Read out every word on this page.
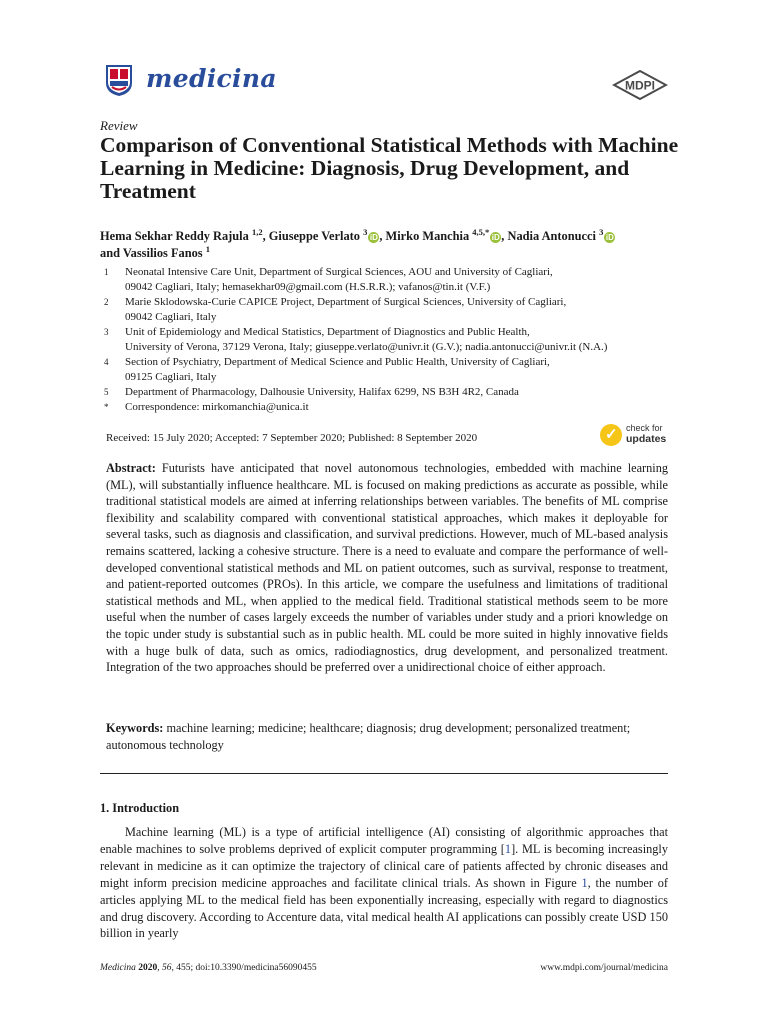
medicina	MDPI
Review
Comparison of Conventional Statistical Methods with Machine Learning in Medicine: Diagnosis, Drug Development, and Treatment
Hema Sekhar Reddy Rajula $^{1,2}$, Giuseppe Verlato $^3$iD , Mirko Manchia $^{4,5,*}$iD , Nadia Antonucci $^3$iD
and Vassilios Fanos $^1$
1	Neonatal Intensive Care Unit, Department of Surgical Sciences, AOU and University of Cagliari,
09042 Cagliari, Italy; hemasekhar09@gmail.com (H.S.R.R.); vafanos@tin.it (V.F.)
2	Marie Sklodowska-Curie CAPICE Project, Department of Surgical Sciences, University of Cagliari,
09042 Cagliari, Italy
3	Unit of Epidemiology and Medical Statistics, Department of Diagnostics and Public Health,
University of Verona, 37129 Verona, Italy; giuseppe.verlato@univr.it (G.V.); nadia.antonucci@univr.it (N.A.)
4	Section of Psychiatry, Department of Medical Science and Public Health, University of Cagliari,
09125 Cagliari, Italy
5	Department of Pharmacology, Dalhousie University, Halifax 6299, NS B3H 4R2, Canada
*	Correspondence: mirkomanchia@unica.it
Received: 15 July 2020; Accepted: 7 September 2020; Published: 8 September 2020	✓ check for
updates
Abstract: Futurists have anticipated that novel autonomous technologies, embedded with machine learning (ML), will substantially influence healthcare. ML is focused on making predictions as accurate as possible, while traditional statistical models are aimed at inferring relationships between variables. The benefits of ML comprise flexibility and scalability compared with conventional statistical approaches, which makes it deployable for several tasks, such as diagnosis and classification, and survival predictions. However, much of ML-based analysis remains scattered, lacking a cohesive structure. There is a need to evaluate and compare the performance of well-developed conventional statistical methods and ML on patient outcomes, such as survival, response to treatment, and patient-reported outcomes (PROs). In this article, we compare the usefulness and limitations of traditional statistical methods and ML, when applied to the medical field. Traditional statistical methods seem to be more useful when the number of cases largely exceeds the number of variables under study and a priori knowledge on the topic under study is substantial such as in public health. ML could be more suited in highly innovative fields with a huge bulk of data, such as omics, radiodiagnostics, drug development, and personalized treatment. Integration of the two approaches should be preferred over a unidirectional choice of either approach.
Keywords: machine learning; medicine; healthcare; diagnosis; drug development; personalized treatment; autonomous technology
1. Introduction
Machine learning (ML) is a type of artificial intelligence (AI) consisting of algorithmic approaches that enable machines to solve problems deprived of explicit computer programming [1]. ML is becoming increasingly relevant in medicine as it can optimize the trajectory of clinical care of patients affected by chronic diseases and might inform precision medicine approaches and facilitate clinical trials. As shown in Figure 1, the number of articles applying ML to the medical field has been exponentially increasing, especially with regard to diagnostics and drug discovery. According to Accenture data, vital medical health AI applications can possibly create USD 150 billion in yearly
Medicina 2020, 56, 455; doi:10.3390/medicina56090455	www.mdpi.com/journal/medicina
